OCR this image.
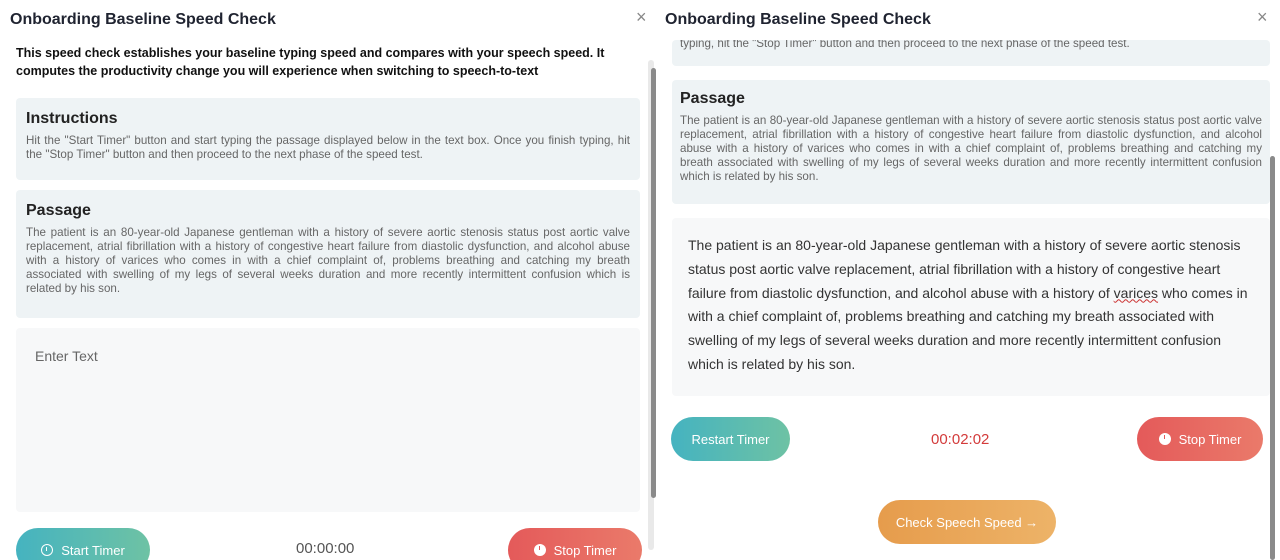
Onboarding Baseline Speed Check	×
This speed check establishes your baseline typing speed and compares with your speech speed. It computes the productivity change you will experience when switching to speech-to-text
Instructions
Hit the "Start Timer" button and start typing the passage displayed below in the text box. Once you finish typing, hit the "Stop Timer" button and then proceed to the next phase of the speed test.
Passage
The patient is an 80-year-old Japanese gentleman with a history of severe aortic stenosis status post aortic valve replacement, atrial fibrillation with a history of congestive heart failure from diastolic dysfunction, and alcohol abuse with a history of varices who comes in with a chief complaint of, problems breathing and catching my breath associated with swelling of my legs of several weeks duration and more recently intermittent confusion which is related by his son.
Enter Text
Start Timer	00:00:00	Stop Timer
Onboarding Baseline Speed Check	×
typing, hit the "Stop Timer" button and then proceed to the next phase of the speed test.
Passage
The patient is an 80-year-old Japanese gentleman with a history of severe aortic stenosis status post aortic valve replacement, atrial fibrillation with a history of congestive heart failure from diastolic dysfunction, and alcohol abuse with a history of varices who comes in with a chief complaint of, problems breathing and catching my breath associated with swelling of my legs of several weeks duration and more recently intermittent confusion which is related by his son.
The patient is an 80-year-old Japanese gentleman with a history of severe aortic stenosis status post aortic valve replacement, atrial fibrillation with a history of congestive heart failure from diastolic dysfunction, and alcohol abuse with a history of varices who comes in with a chief complaint of, problems breathing and catching my breath associated with swelling of my legs of several weeks duration and more recently intermittent confusion which is related by his son.
Restart Timer	00:02:02	Stop Timer
Check Speech Speed →
